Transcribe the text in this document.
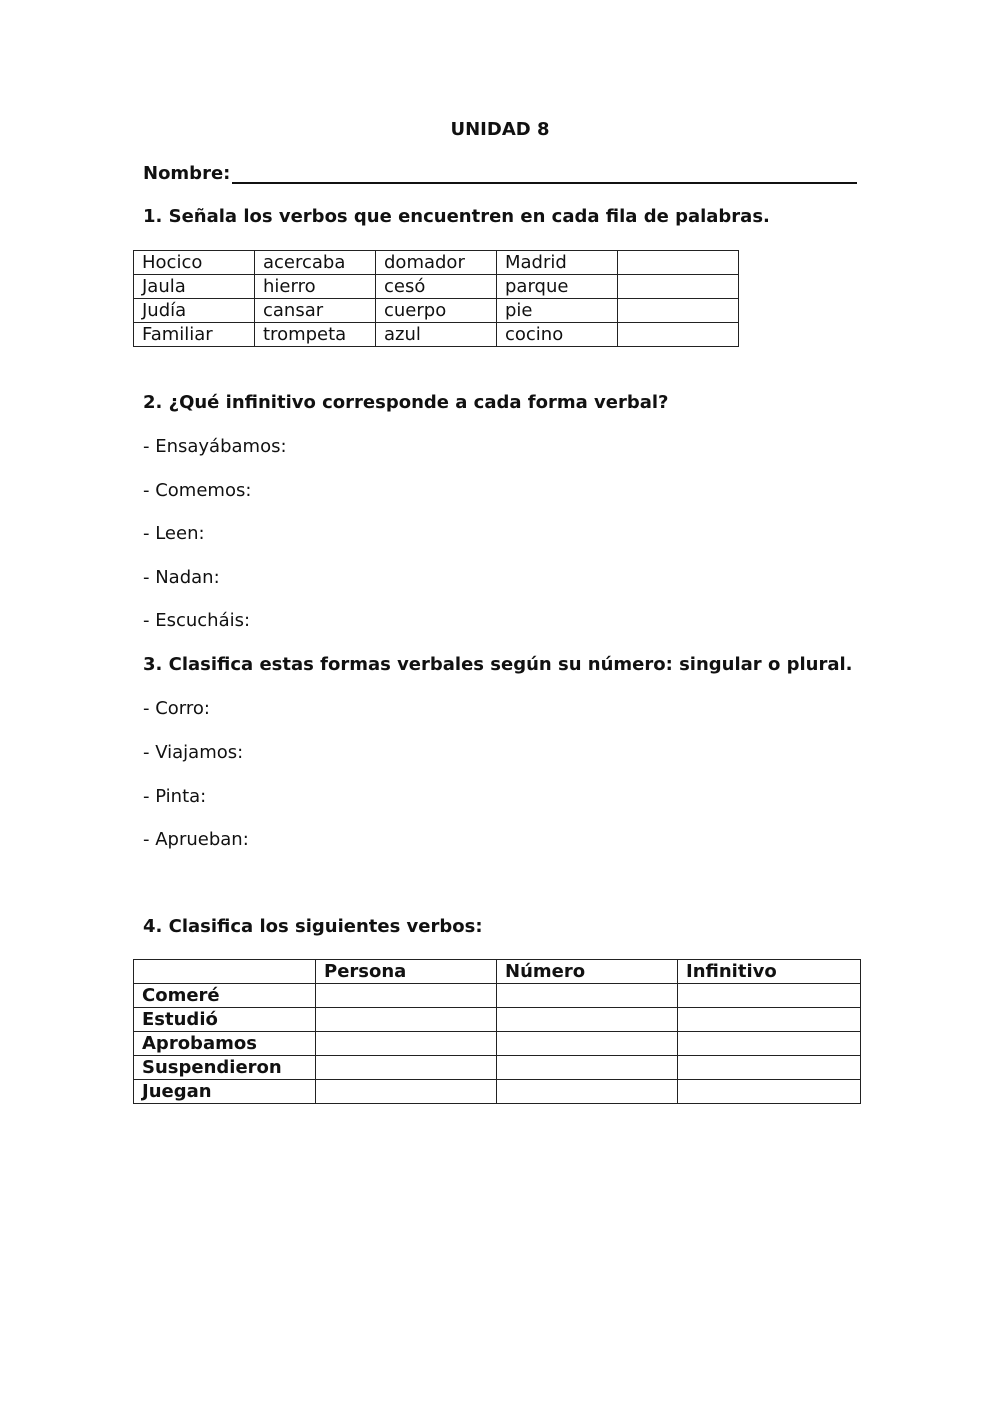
UNIDAD 8
Nombre:
1. Señala los verbos que encuentren en cada fila de palabras.
Hocico	acercaba	domador	Madrid	
Jaula	hierro	cesó	parque	
Judía	cansar	cuerpo	pie	
Familiar	trompeta	azul	cocino	
2. ¿Qué infinitivo corresponde a cada forma verbal?
- Ensayábamos:
- Comemos:
- Leen:
- Nadan:
- Escucháis:
3. Clasifica estas formas verbales según su número: singular o plural.
- Corro:
- Viajamos:
- Pinta:
- Aprueban:
4. Clasifica los siguientes verbos:
	Persona	Número	Infinitivo
Comeré			
Estudió			
Aprobamos			
Suspendieron			
Juegan			
